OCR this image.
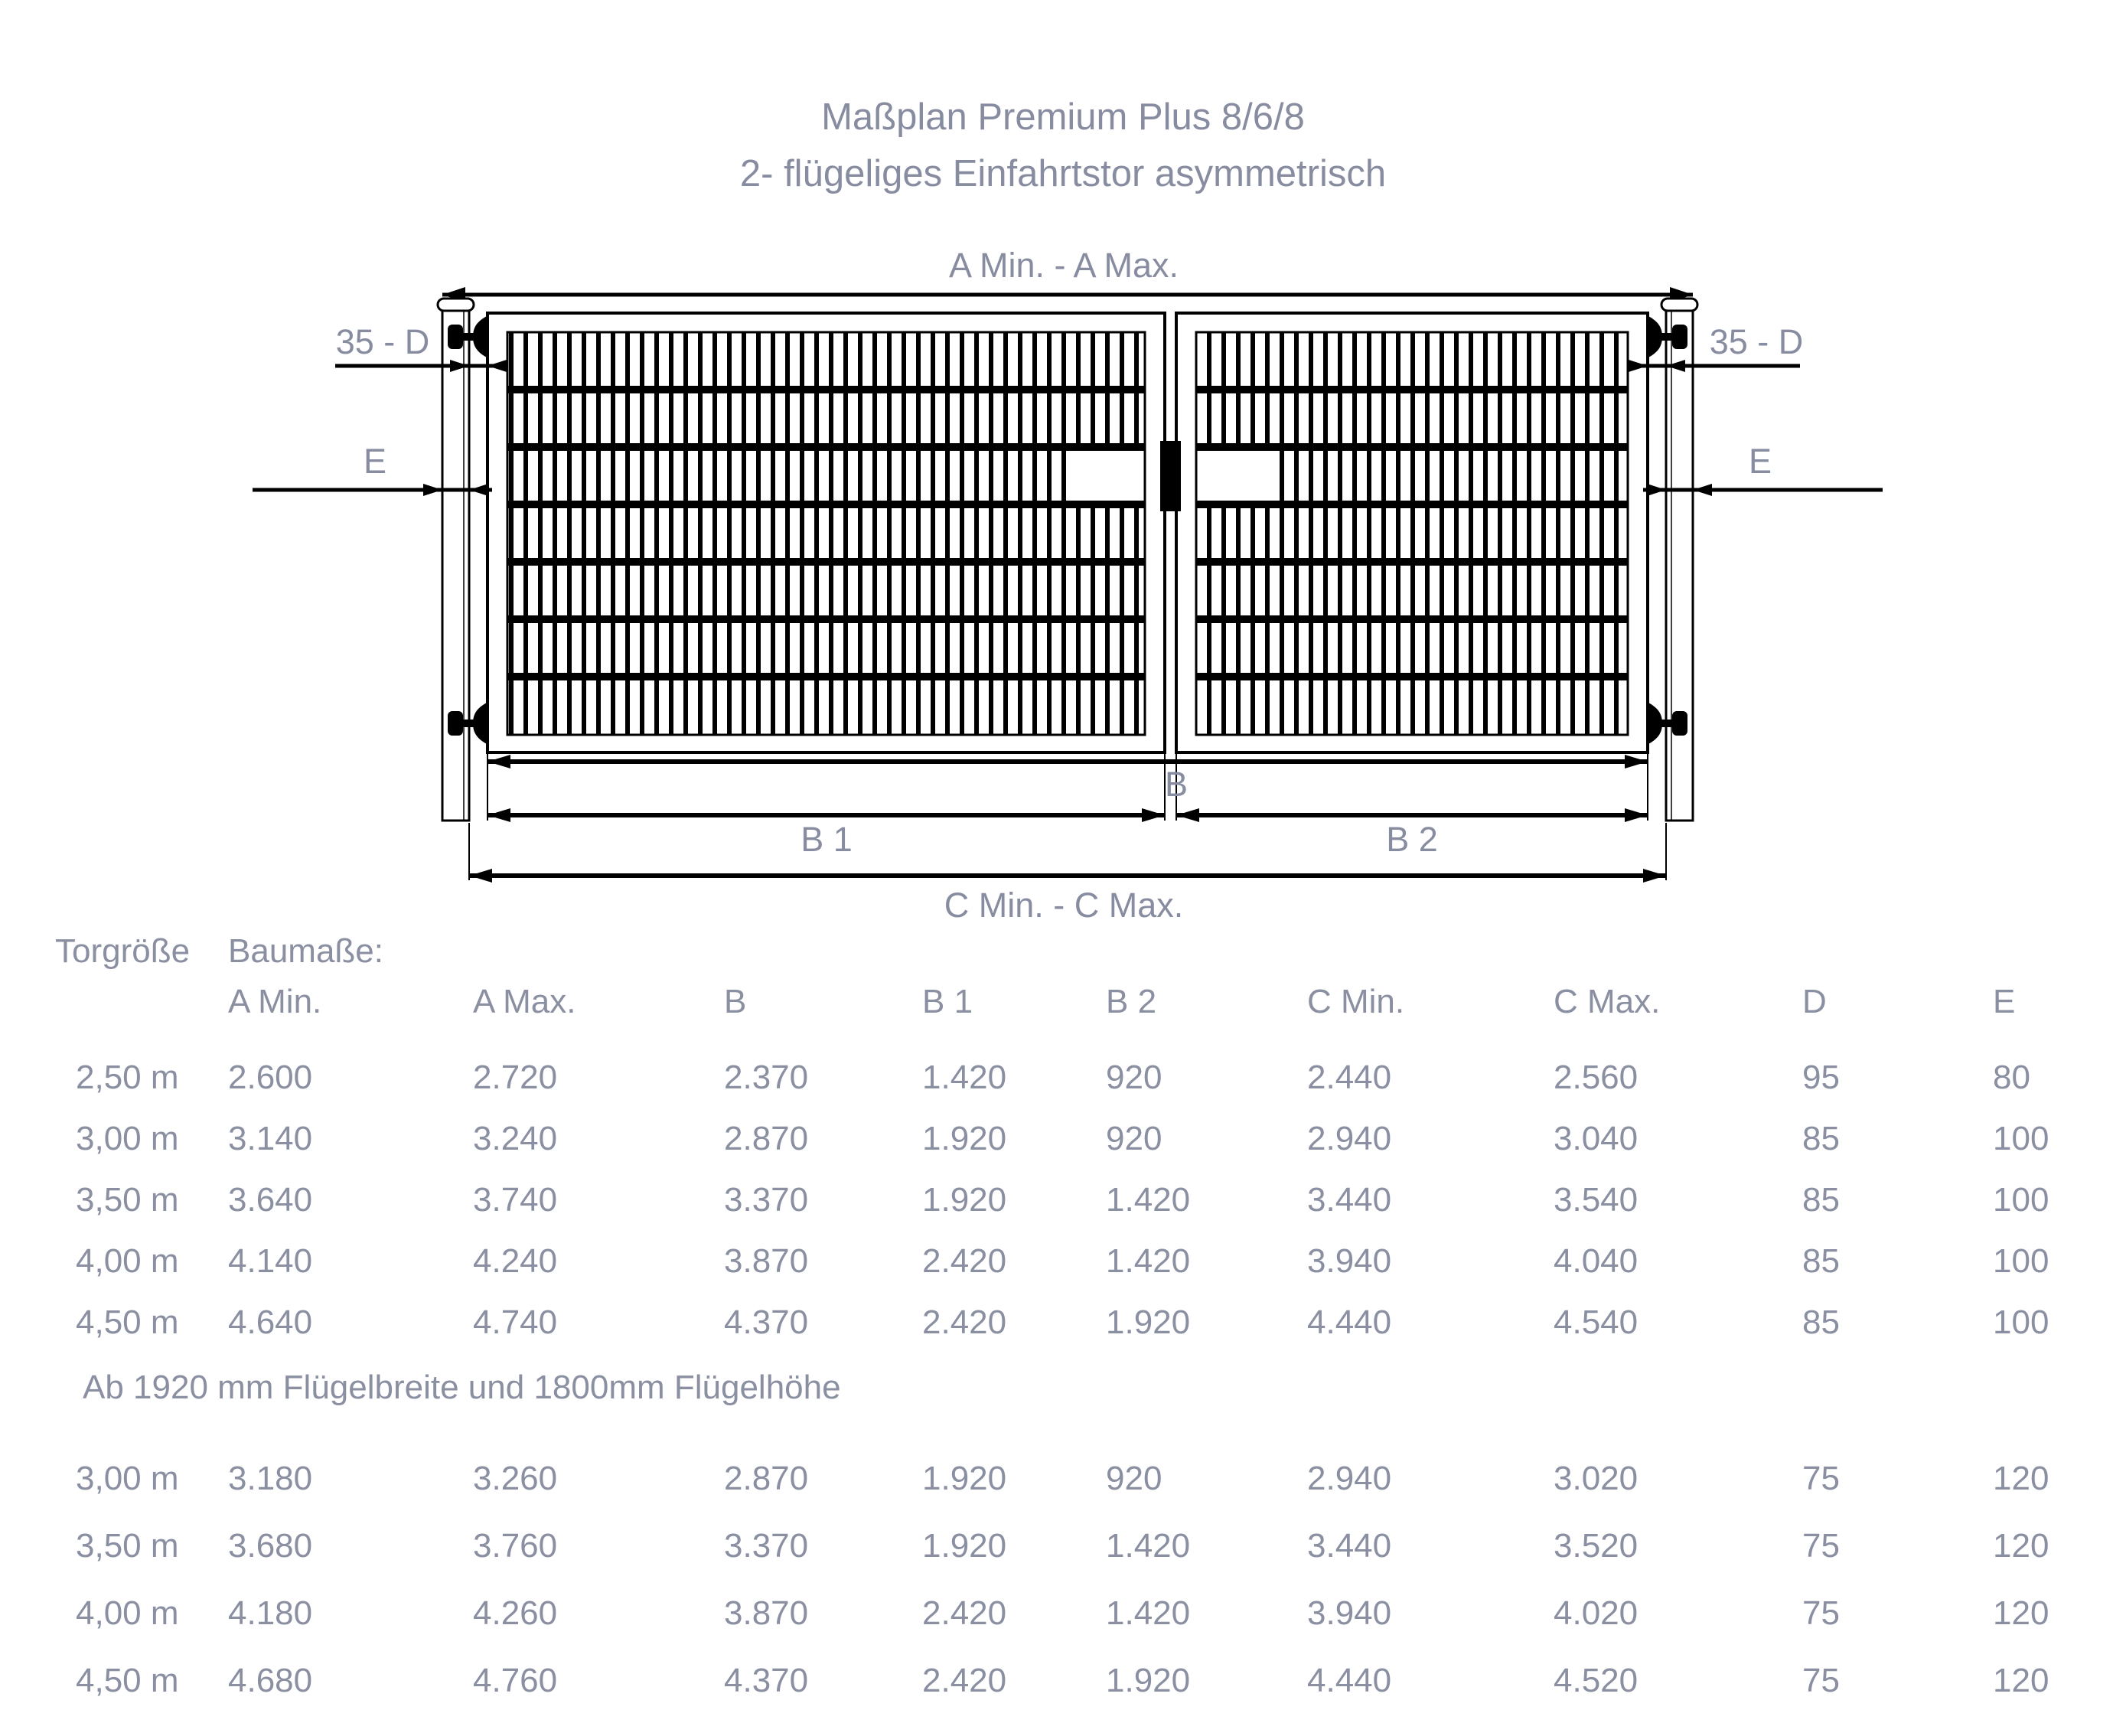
Maßplan Premium Plus 8/6/8
2- flügeliges Einfahrtstor asymmetrisch
A Min. - A Max.
35 - D	35 - D
E	E
B
B 1	B 2
C Min. - C Max.
Torgröße	Baumaße:
A Min.	A Max.	B	B 1	B 2	C Min.	C Max.	D	E
2,50 m	2.600	2.720	2.370	1.420	920	2.440	2.560	95	80
3,00 m	3.140	3.240	2.870	1.920	920	2.940	3.040	85	100
3,50 m	3.640	3.740	3.370	1.920	1.420	3.440	3.540	85	100
4,00 m	4.140	4.240	3.870	2.420	1.420	3.940	4.040	85	100
4,50 m	4.640	4.740	4.370	2.420	1.920	4.440	4.540	85	100
Ab 1920 mm Flügelbreite und 1800mm Flügelhöhe
3,00 m	3.180	3.260	2.870	1.920	920	2.940	3.020	75	120
3,50 m	3.680	3.760	3.370	1.920	1.420	3.440	3.520	75	120
4,00 m	4.180	4.260	3.870	2.420	1.420	3.940	4.020	75	120
4,50 m	4.680	4.760	4.370	2.420	1.920	4.440	4.520	75	120
